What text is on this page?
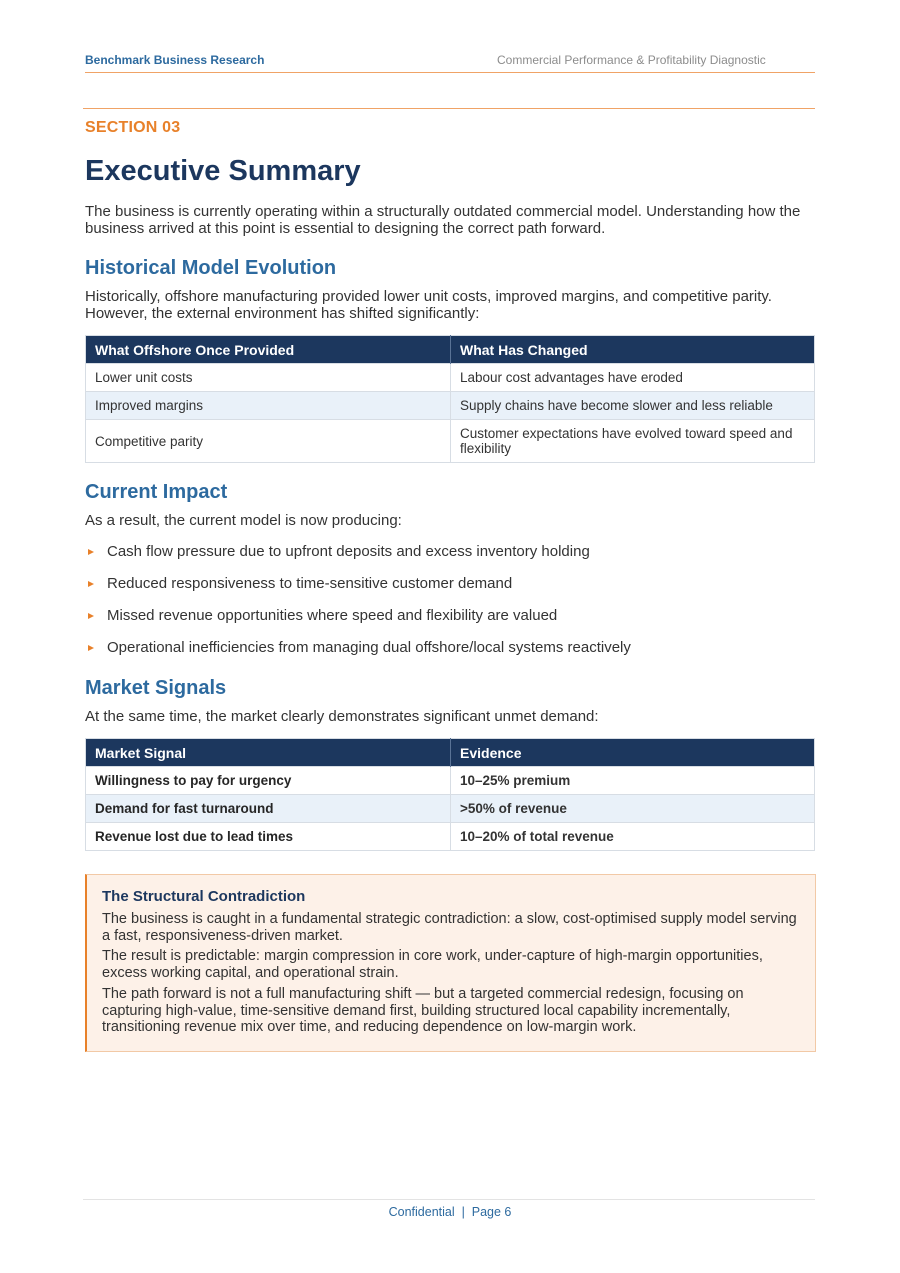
Benchmark Business Research	Commercial Performance & Profitability Diagnostic
SECTION 03
Executive Summary

The business is currently operating within a structurally outdated commercial model. Understanding how the business arrived at this point is essential to designing the correct path forward.

Historical Model Evolution

Historically, offshore manufacturing provided lower unit costs, improved margins, and competitive parity. However, the external environment has shifted significantly:

What Offshore Once Provided	What Has Changed
Lower unit costs	Labour cost advantages have eroded
Improved margins	Supply chains have become slower and less reliable
Competitive parity	Customer expectations have evolved toward speed and flexibility
Current Impact

As a result, the current model is now producing:

Cash flow pressure due to upfront deposits and excess inventory holding
Reduced responsiveness to time-sensitive customer demand
Missed revenue opportunities where speed and flexibility are valued
Operational inefficiencies from managing dual offshore/local systems reactively
Market Signals

At the same time, the market clearly demonstrates significant unmet demand:

Market Signal	Evidence
Willingness to pay for urgency	10–25% premium
Demand for fast turnaround	>50% of revenue
Revenue lost due to lead times	10–20% of total revenue
The Structural Contradiction

The business is caught in a fundamental strategic contradiction: a slow, cost-optimised supply model serving a fast, responsiveness-driven market.

The result is predictable: margin compression in core work, under-capture of high-margin opportunities, excess working capital, and operational strain.

The path forward is not a full manufacturing shift — but a targeted commercial redesign, focusing on capturing high-value, time-sensitive demand first, building structured local capability incrementally, transitioning revenue mix over time, and reducing dependence on low-margin work.

Confidential  |  Page 6
